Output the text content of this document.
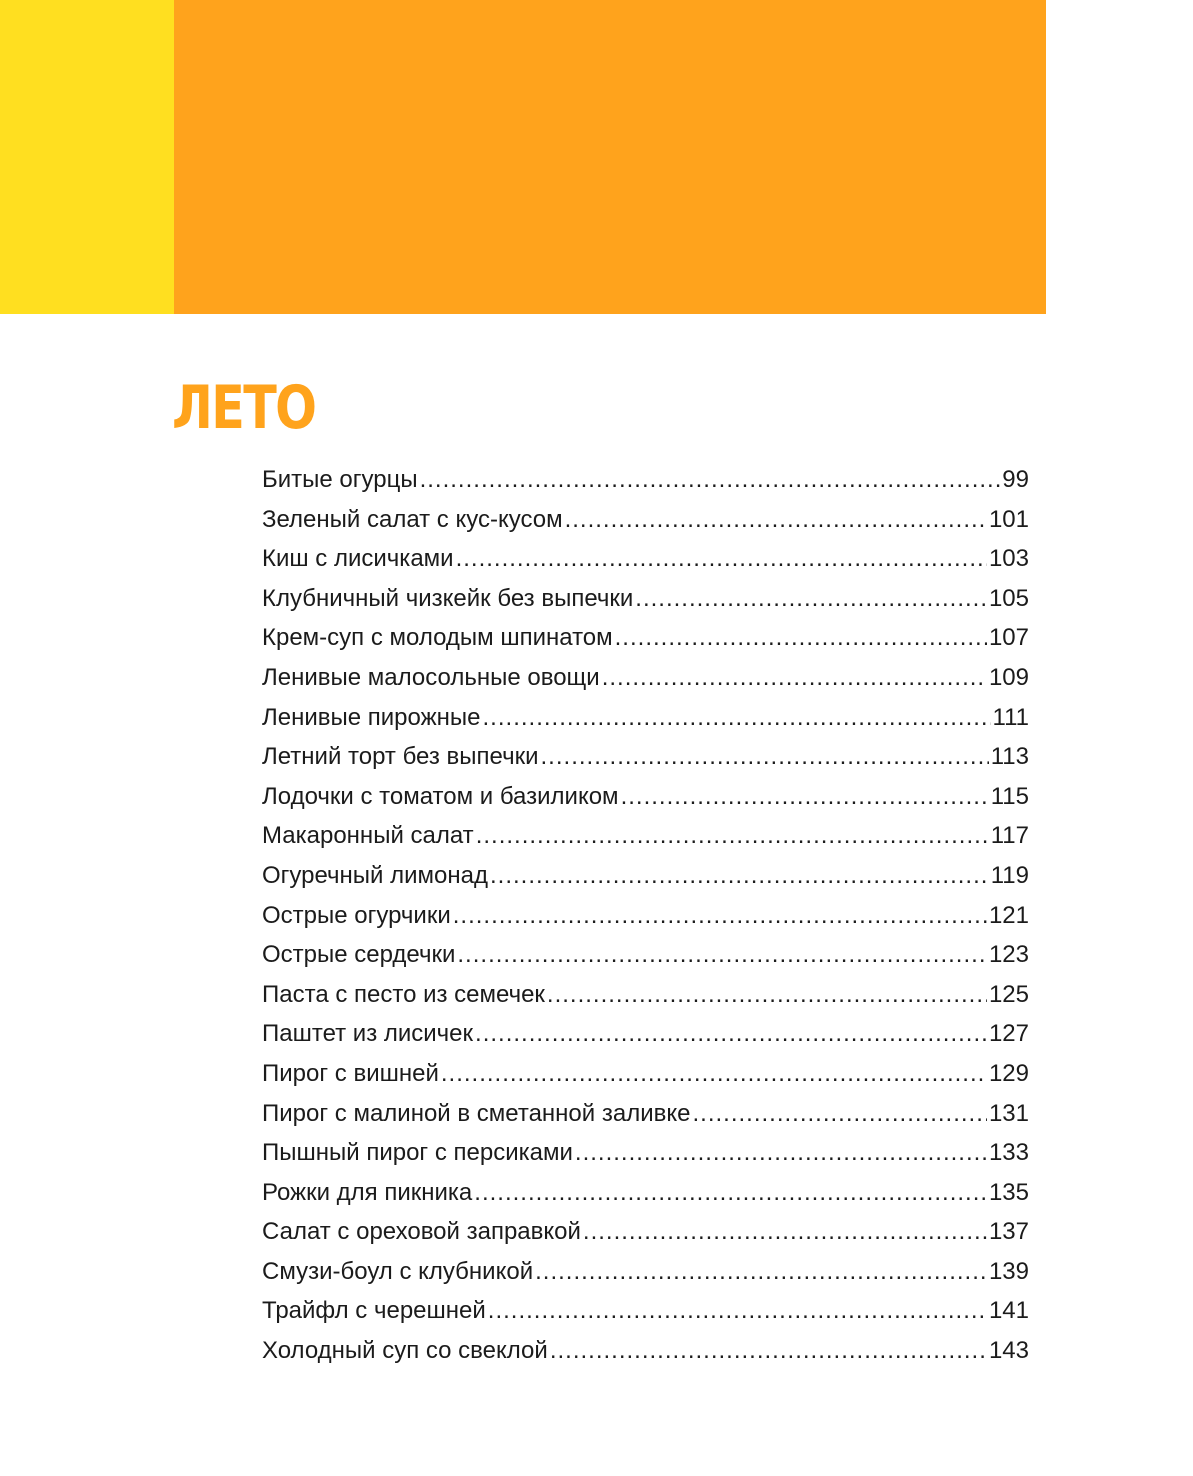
ЛЕТО
Битые огурцы .....	99
Зеленый салат с кус-кусом .....	101
Киш с лисичками .....	103
Клубничный чизкейк без выпечки .....	105
Крем-суп с молодым шпинатом .....	107
Ленивые малосольные овощи .....	109
Ленивые пирожные .....	111
Летний торт без выпечки .....	113
Лодочки с томатом и базиликом .....	115
Макаронный салат .....	117
Огуречный лимонад .....	119
Острые огурчики .....	121
Острые сердечки .....	123
Паста с песто из семечек .....	125
Паштет из лисичек .....	127
Пирог с вишней .....	129
Пирог с малиной в сметанной заливке .....	131
Пышный пирог с персиками .....	133
Рожки для пикника .....	135
Салат с ореховой заправкой .....	137
Смузи-боул с клубникой .....	139
Трайфл с черешней .....	141
Холодный суп со свеклой .....	143
